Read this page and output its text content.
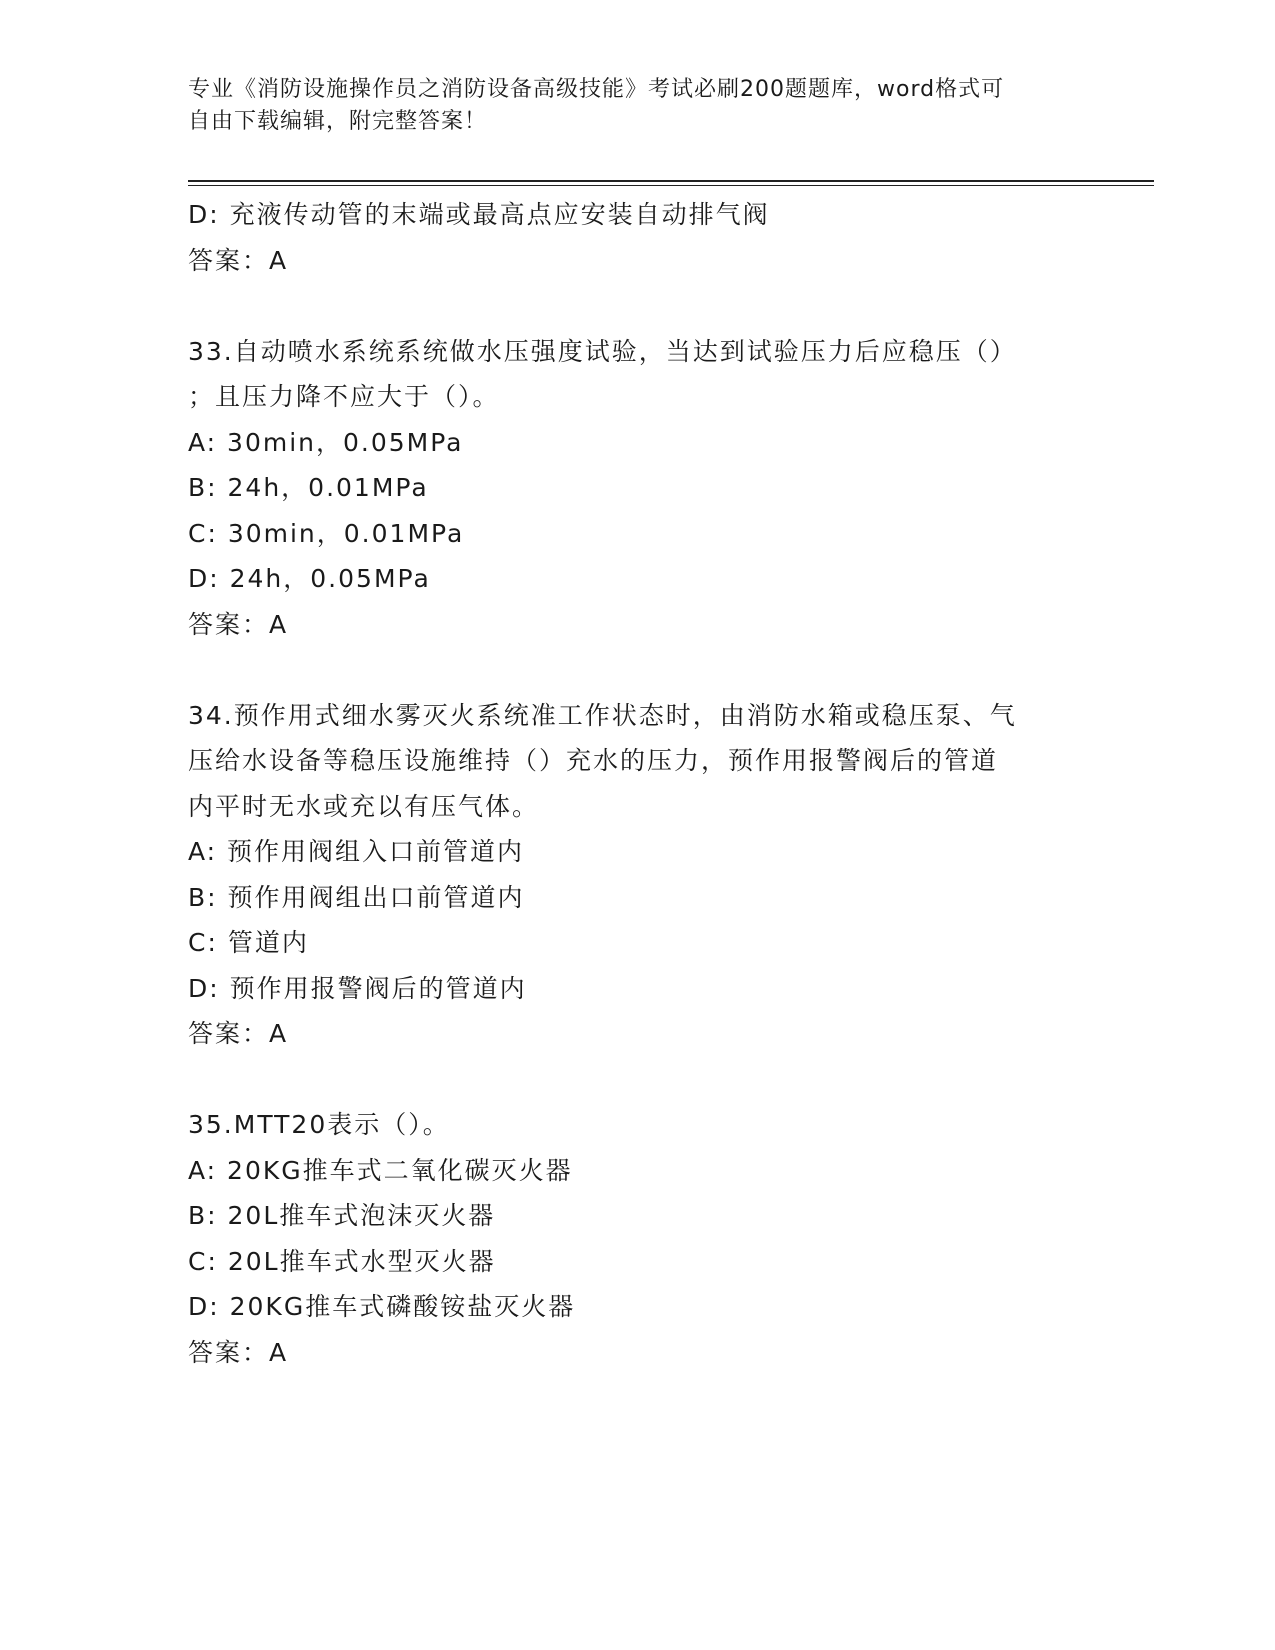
专业《消防设施操作员之消防设备高级技能》考试必刷200题题库，word格式可
自由下载编辑，附完整答案！
D: 充液传动管的末端或最高点应安装自动排气阀
答案：A
33.自动喷水系统系统做水压强度试验，当达到试验压力后应稳压（）
；且压力降不应大于（）。
A: 30min，0.05MPa
B: 24h，0.01MPa
C: 30min，0.01MPa
D: 24h，0.05MPa
答案：A
34.预作用式细水雾灭火系统准工作状态时，由消防水箱或稳压泵、气
压给水设备等稳压设施维持（）充水的压力，预作用报警阀后的管道
内平时无水或充以有压气体。
A: 预作用阀组入口前管道内
B: 预作用阀组出口前管道内
C: 管道内
D: 预作用报警阀后的管道内
答案：A
35.MTT20表示（）。
A: 20KG推车式二氧化碳灭火器
B: 20L推车式泡沫灭火器
C: 20L推车式水型灭火器
D: 20KG推车式磷酸铵盐灭火器
答案：A
